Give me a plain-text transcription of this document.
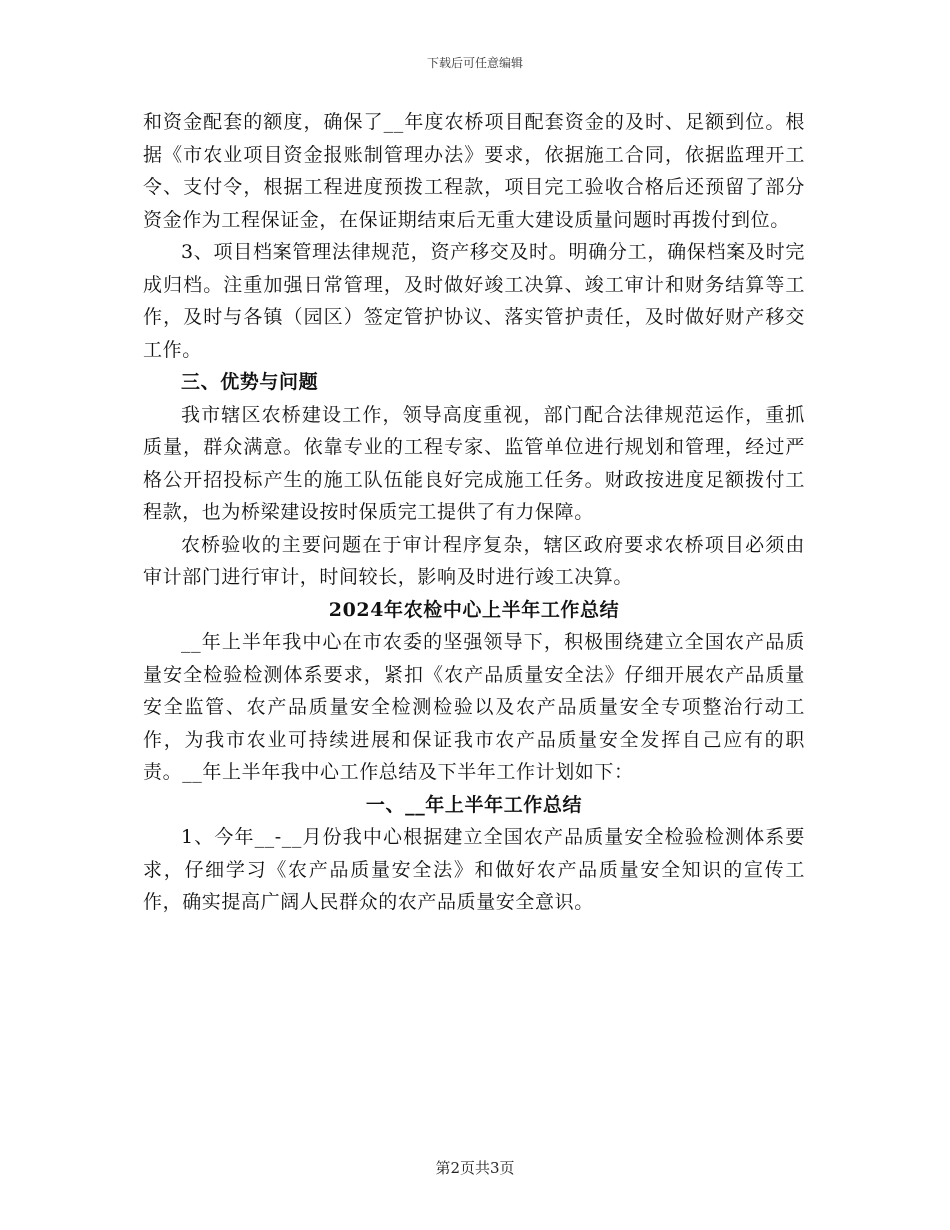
下载后可任意编辑

和资金配套的额度，确保了__年度农桥项目配套资金的及时、足额到位。根据《市农业项目资金报账制管理办法》要求，依据施工合同，依据监理开工令、支付令，根据工程进度预拨工程款，项目完工验收合格后还预留了部分资金作为工程保证金，在保证期结束后无重大建设质量问题时再拨付到位。

3、项目档案管理法律规范，资产移交及时。明确分工，确保档案及时完成归档。注重加强日常管理，及时做好竣工决算、竣工审计和财务结算等工作，及时与各镇（园区）签定管护协议、落实管护责任，及时做好财产移交工作。

三、优势与问题

我市辖区农桥建设工作，领导高度重视，部门配合法律规范运作，重抓质量，群众满意。依靠专业的工程专家、监管单位进行规划和管理，经过严格公开招投标产生的施工队伍能良好完成施工任务。财政按进度足额拨付工程款，也为桥梁建设按时保质完工提供了有力保障。

农桥验收的主要问题在于审计程序复杂，辖区政府要求农桥项目必须由审计部门进行审计，时间较长，影响及时进行竣工决算。

2024年农检中心上半年工作总结

__年上半年我中心在市农委的坚强领导下，积极围绕建立全国农产品质量安全检验检测体系要求，紧扣《农产品质量安全法》仔细开展农产品质量安全监管、农产品质量安全检测检验以及农产品质量安全专项整治行动工作，为我市农业可持续进展和保证我市农产品质量安全发挥自己应有的职责。__年上半年我中心工作总结及下半年工作计划如下：

一、__年上半年工作总结

1、今年__-__月份我中心根据建立全国农产品质量安全检验检测体系要求，仔细学习《农产品质量安全法》和做好农产品质量安全知识的宣传工作，确实提高广阔人民群众的农产品质量安全意识。

第2页共3页
